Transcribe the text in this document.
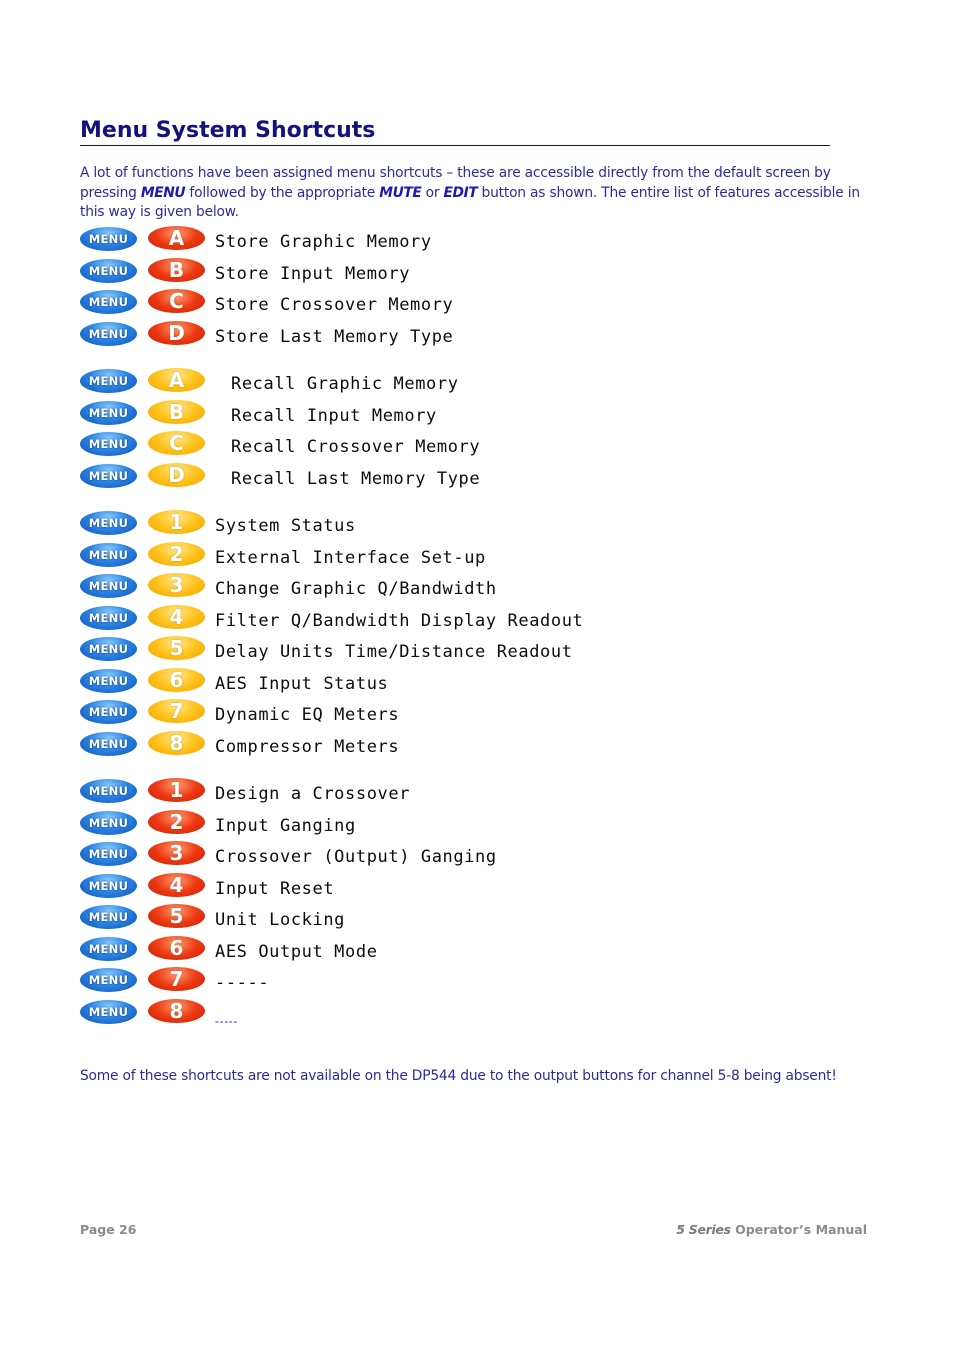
Menu System Shortcuts
A lot of functions have been assigned menu shortcuts – these are accessible directly from the default screen by pressing MENU followed by the appropriate MUTE or EDIT button as shown. The entire list of features accessible in this way is given below.
MENU	A	Store Graphic Memory
MENU	B	Store Input Memory
MENU	C	Store Crossover Memory
MENU	D	Store Last Memory Type
MENU	A	Recall Graphic Memory
MENU	B	Recall Input Memory
MENU	C	Recall Crossover Memory
MENU	D	Recall Last Memory Type
MENU	1	System Status
MENU	2	External Interface Set-up
MENU	3	Change Graphic Q/Bandwidth
MENU	4	Filter Q/Bandwidth Display Readout
MENU	5	Delay Units Time/Distance Readout
MENU	6	AES Input Status
MENU	7	Dynamic EQ Meters
MENU	8	Compressor Meters
MENU	1	Design a Crossover
MENU	2	Input Ganging
MENU	3	Crossover (Output) Ganging
MENU	4	Input Reset
MENU	5	Unit Locking
MENU	6	AES Output Mode
MENU	7	-----
MENU	8	-----
Some of these shortcuts are not available on the DP544 due to the output buttons for channel 5-8 being absent!
Page 26	5 Series Operator’s Manual
